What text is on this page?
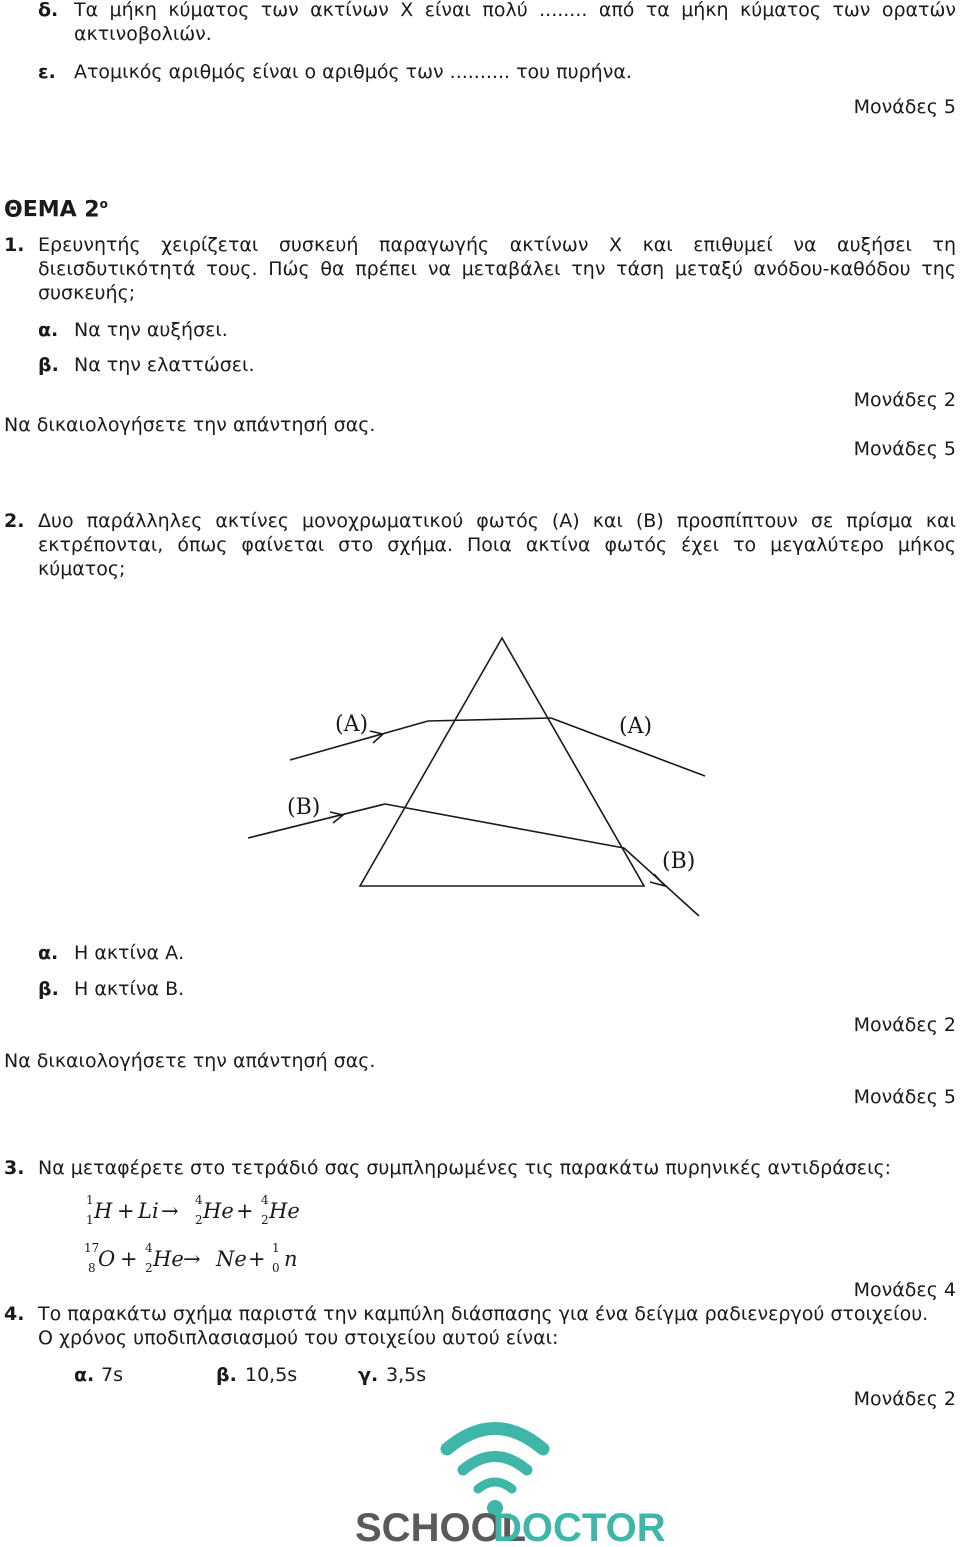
δ. Τα μήκη κύματος των ακτίνων Χ είναι πολύ ........ από τα μήκη κύματος των ορατών
ακτινοβολιών.
ε. Ατομικός αριθμός είναι ο αριθμός των .......... του πυρήνα.
Μονάδες 5
ΘΕΜΑ $2^o$
1. Ερευνητής χειρίζεται συσκευή παραγωγής ακτίνων Χ και επιθυμεί να αυξήσει τη
διεισδυτικότητά τους. Πώς θα πρέπει να μεταβάλει την τάση μεταξύ ανόδου-καθόδου της
συσκευής;
α. Να την αυξήσει.
β. Να την ελαττώσει.
Μονάδες 2
Να δικαιολογήσετε την απάντησή σας.
Μονάδες 5
2. Δυο παράλληλες ακτίνες μονοχρωματικού φωτός (Α) και (Β) προσπίπτουν σε πρίσμα και
εκτρέπονται, όπως φαίνεται στο σχήμα. Ποια ακτίνα φωτός έχει το μεγαλύτερο μήκος
κύματος;
(A)	(A)
(B)
(B)
α. Η ακτίνα Α.
β. Η ακτίνα Β.
Μονάδες 2
Να δικαιολογήσετε την απάντησή σας.
Μονάδες 5
3. Να μεταφέρετε στο τετράδιό σας συμπληρωμένες τις παρακάτω πυρηνικές αντιδράσεις:
1
1 H + Li → 4
2 He + 4
2 He
17
8 O + 4
2 He → Ne + 1
0 n
Μονάδες 4
4. Το παρακάτω σχήμα παριστά την καμπύλη διάσπασης για ένα δείγμα ραδιενεργού στοιχείου.
Ο χρόνος υποδιπλασιασμού του στοιχείου αυτού είναι:
α. 7s	β. 10,5s	γ. 3,5s
Μονάδες 2
SCHOOL
DOCTOR
